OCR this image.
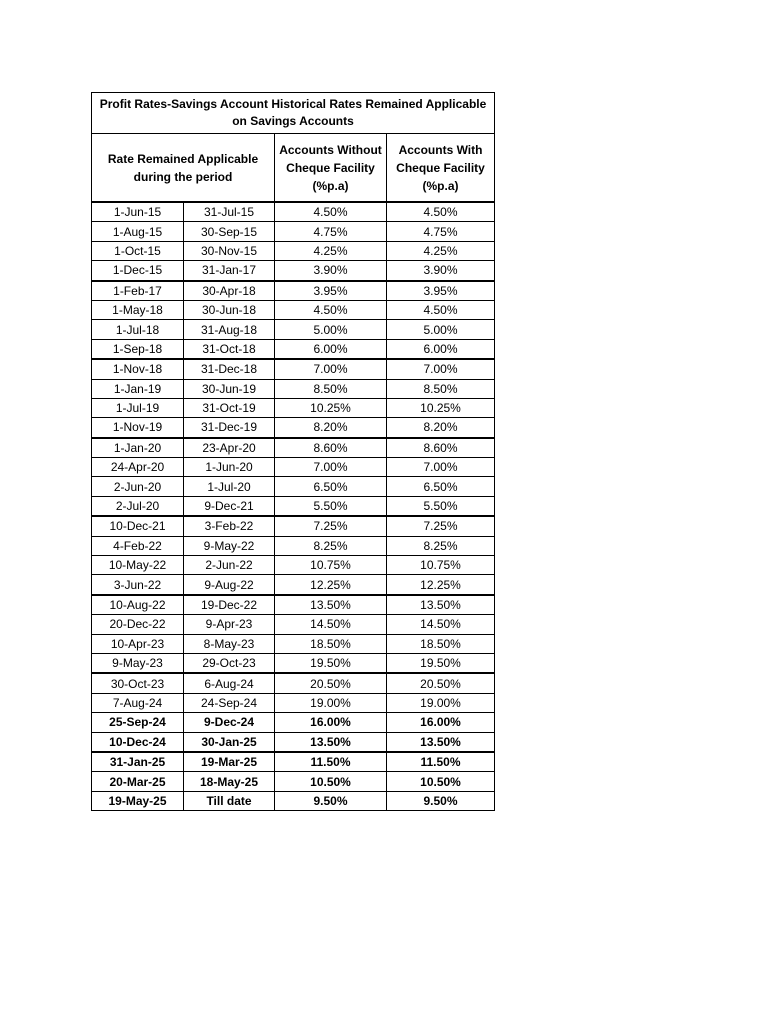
Profit Rates-Savings Account Historical Rates Remained Applicable on Savings Accounts			
Rate Remained Applicable during the period		Accounts Without Cheque Facility (%p.a)	Accounts With Cheque Facility (%p.a)
1-Jun-15	31-Jul-15	4.50%	4.50%
1-Aug-15	30-Sep-15	4.75%	4.75%
1-Oct-15	30-Nov-15	4.25%	4.25%
1-Dec-15	31-Jan-17	3.90%	3.90%
1-Feb-17	30-Apr-18	3.95%	3.95%
1-May-18	30-Jun-18	4.50%	4.50%
1-Jul-18	31-Aug-18	5.00%	5.00%
1-Sep-18	31-Oct-18	6.00%	6.00%
1-Nov-18	31-Dec-18	7.00%	7.00%
1-Jan-19	30-Jun-19	8.50%	8.50%
1-Jul-19	31-Oct-19	10.25%	10.25%
1-Nov-19	31-Dec-19	8.20%	8.20%
1-Jan-20	23-Apr-20	8.60%	8.60%
24-Apr-20	1-Jun-20	7.00%	7.00%
2-Jun-20	1-Jul-20	6.50%	6.50%
2-Jul-20	9-Dec-21	5.50%	5.50%
10-Dec-21	3-Feb-22	7.25%	7.25%
4-Feb-22	9-May-22	8.25%	8.25%
10-May-22	2-Jun-22	10.75%	10.75%
3-Jun-22	9-Aug-22	12.25%	12.25%
10-Aug-22	19-Dec-22	13.50%	13.50%
20-Dec-22	9-Apr-23	14.50%	14.50%
10-Apr-23	8-May-23	18.50%	18.50%
9-May-23	29-Oct-23	19.50%	19.50%
30-Oct-23	6-Aug-24	20.50%	20.50%
7-Aug-24	24-Sep-24	19.00%	19.00%
25-Sep-24	9-Dec-24	16.00%	16.00%
10-Dec-24	30-Jan-25	13.50%	13.50%
31-Jan-25	19-Mar-25	11.50%	11.50%
20-Mar-25	18-May-25	10.50%	10.50%
19-May-25	Till date	9.50%	9.50%
